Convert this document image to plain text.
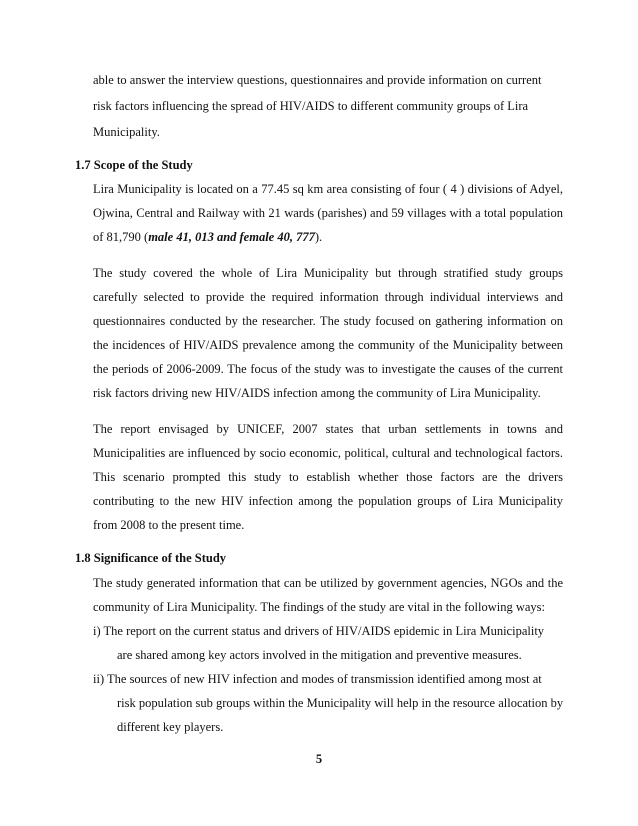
able to answer the interview questions, questionnaires and provide information on current
risk factors influencing the spread of HIV/AIDS to different community groups of Lira
Municipality.
1.7 Scope of the Study
Lira Municipality is located on a 77.45 sq km area consisting of four ( 4 ) divisions of Adyel,
Ojwina, Central and Railway with 21 wards (parishes) and 59 villages with a total population
of 81,790 (male 41, 013 and female 40, 777).
The study covered the whole of Lira Municipality but through stratified study groups
carefully selected to provide the required information through individual interviews and
questionnaires conducted by the researcher. The study focused on gathering information on
the incidences of HIV/AIDS prevalence among the community of the Municipality between
the periods of 2006-2009. The focus of the study was to investigate the causes of the current
risk factors driving new HIV/AIDS infection among the community of Lira Municipality.
The report envisaged by UNICEF, 2007 states that urban settlements in towns and
Municipalities are influenced by socio economic, political, cultural and technological factors.
This scenario prompted this study to establish whether those factors are the drivers
contributing to the new HIV infection among the population groups of Lira Municipality
from 2008 to the present time.
1.8 Significance of the Study
The study generated information that can be utilized by government agencies, NGOs and the
community of Lira Municipality. The findings of the study are vital in the following ways:
i) The report on the current status and drivers of HIV/AIDS epidemic in Lira Municipality
are shared among key actors involved in the mitigation and preventive measures.
ii) The sources of new HIV infection and modes of transmission identified among most at
risk population sub groups within the Municipality will help in the resource allocation by
different key players.
5
